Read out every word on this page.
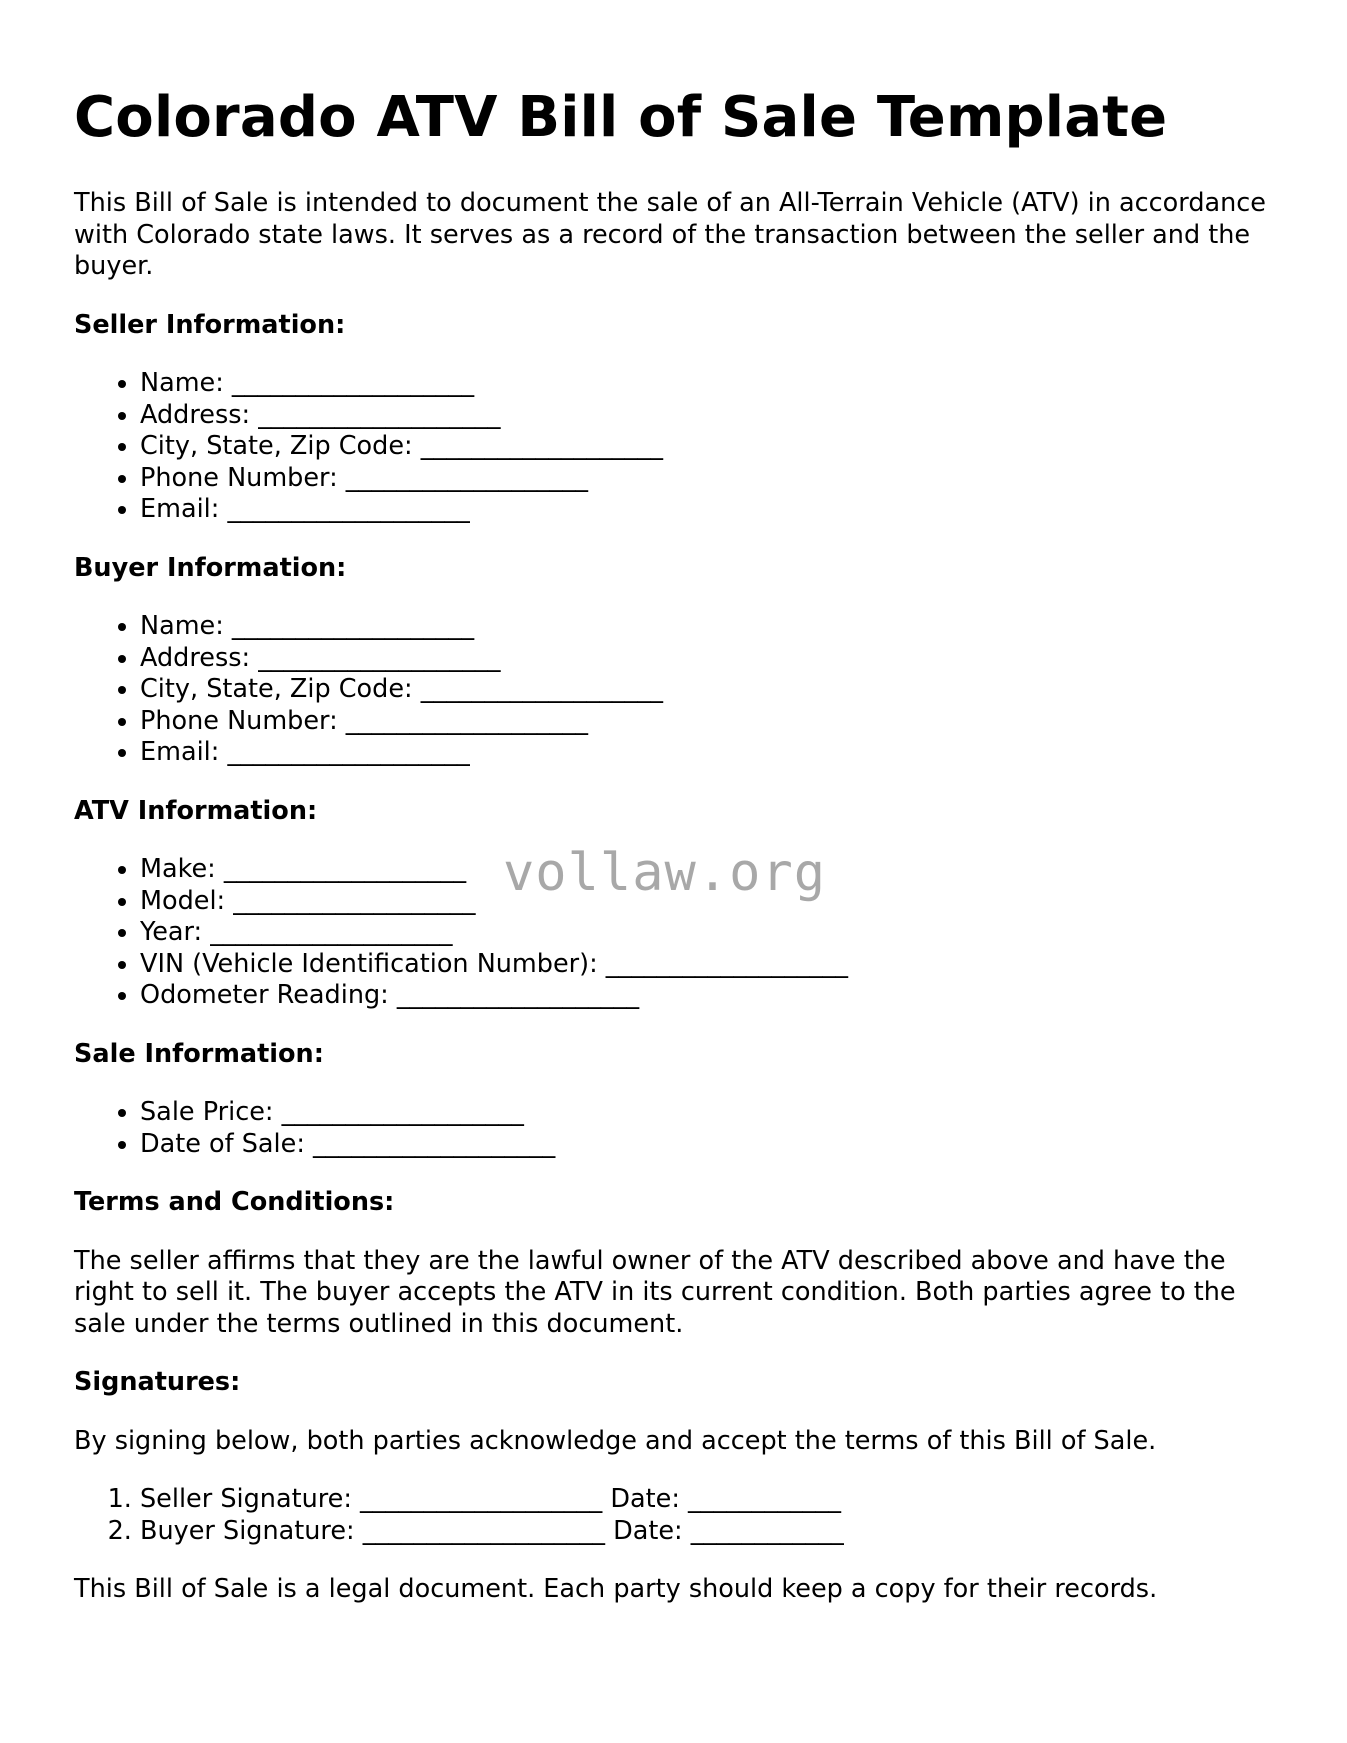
Colorado ATV Bill of Sale Template

This Bill of Sale is intended to document the sale of an All-Terrain Vehicle (ATV) in accordance with Colorado state laws. It serves as a record of the transaction between the seller and the buyer.

Seller Information:
• Name: ___________________
• Address: ___________________
• City, State, Zip Code: ___________________
• Phone Number: ___________________
• Email: ___________________
Buyer Information:
• Name: ___________________
• Address: ___________________
• City, State, Zip Code: ___________________
• Phone Number: ___________________
• Email: ___________________
ATV Information:
• Make: ___________________
• Model: ___________________
• Year: ___________________
• VIN (Vehicle Identification Number): ___________________
• Odometer Reading: ___________________
Sale Information:
• Sale Price: ___________________
• Date of Sale: ___________________
Terms and Conditions:

The seller affirms that they are the lawful owner of the ATV described above and have the right to sell it. The buyer accepts the ATV in its current condition. Both parties agree to the sale under the terms outlined in this document.

Signatures:

By signing below, both parties acknowledge and accept the terms of this Bill of Sale.

1. Seller Signature: ___________________ Date: ____________
2. Buyer Signature: ___________________ Date: ____________

This Bill of Sale is a legal document. Each party should keep a copy for their records.

vollaw.org
